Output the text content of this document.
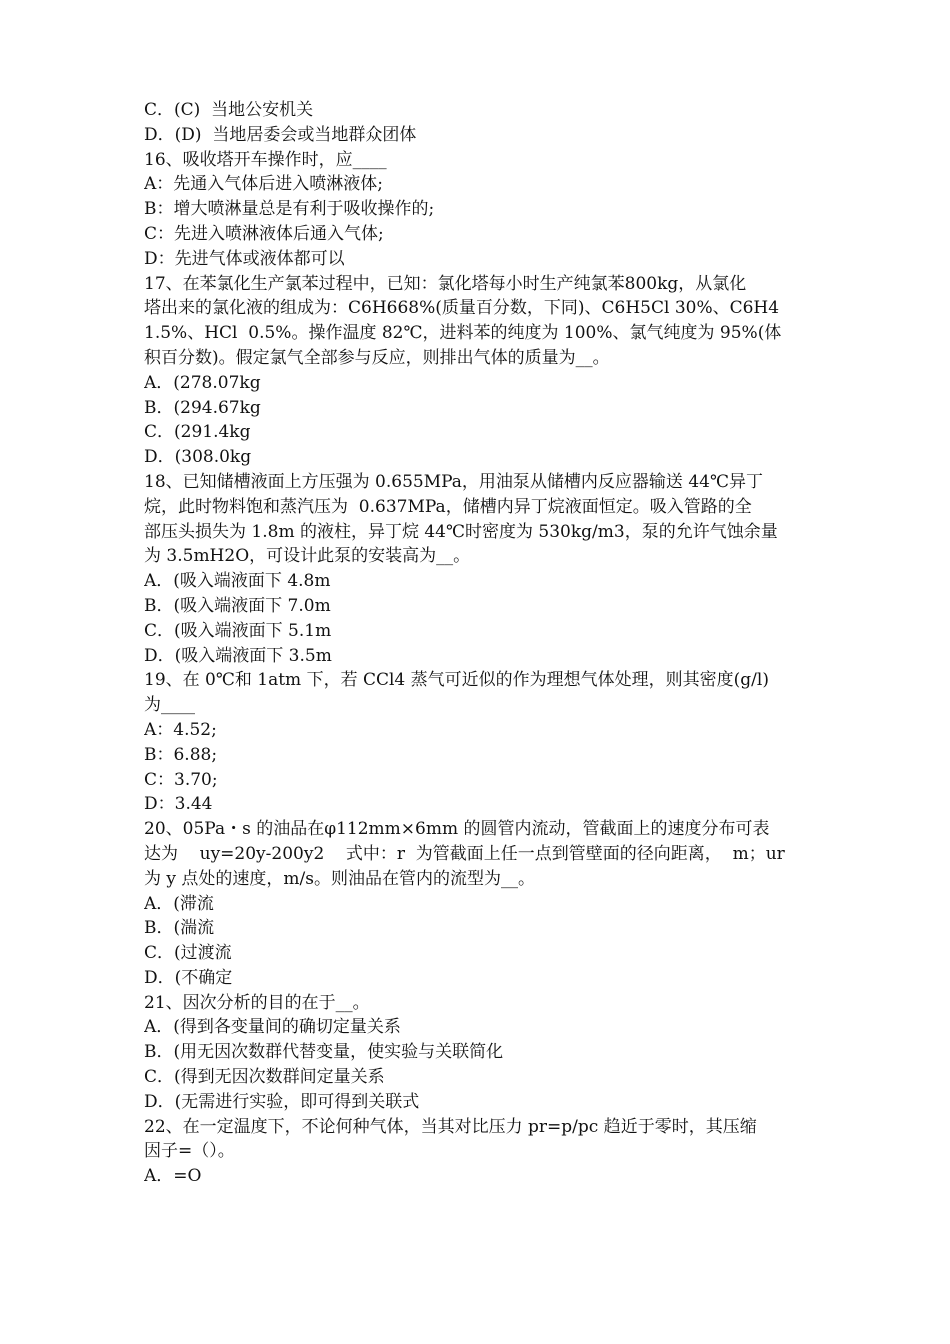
C．(C)  当地公安机关
D．(D)  当地居委会或当地群众团体
16、吸收塔开车操作时，应____
A：先通入气体后进入喷淋液体;
B：增大喷淋量总是有利于吸收操作的;
C：先进入喷淋液体后通入气体;
D：先进气体或液体都可以
17、在苯氯化生产氯苯过程中，已知：氯化塔每小时生产纯氯苯800kg，从氯化
塔出来的氯化液的组成为：C6H668%(质量百分数，下同)、C6H5Cl 30%、C6H4
1.5%、HCl  0.5%。操作温度 82℃，进料苯的纯度为 100%、氯气纯度为 95%(体
积百分数)。假定氯气全部参与反应，则排出气体的质量为__。
A．(278.07kg
B．(294.67kg
C．(291.4kg
D．(308.0kg
18、已知储槽液面上方压强为 0.655MPa，用油泵从储槽内反应器输送 44℃异丁
烷，此时物料饱和蒸汽压为  0.637MPa，储槽内异丁烷液面恒定。吸入管路的全
部压头损失为 1.8m 的液柱，异丁烷 44℃时密度为 530kg/m3，泵的允许气蚀余量
为 3.5mH2O，可设计此泵的安装高为__。
A．(吸入端液面下 4.8m
B．(吸入端液面下 7.0m
C．(吸入端液面下 5.1m
D．(吸入端液面下 3.5m
19、在 0℃和 1atm 下，若 CCl4 蒸气可近似的作为理想气体处理，则其密度(g/l)
为____
A：4.52;
B：6.88;
C：3.70;
D：3.44
20、05Pa・s 的油品在φ112mm×6mm 的圆管内流动，管截面上的速度分布可表
达为    uy=20y-200y2    式中：r  为管截面上任一点到管壁面的径向距离，  m；ur
为 y 点处的速度，m/s。则油品在管内的流型为__。
A．(滞流
B．(湍流
C．(过渡流
D．(不确定
21、因次分析的目的在于__。
A．(得到各变量间的确切定量关系
B．(用无因次数群代替变量，使实验与关联简化
C．(得到无因次数群间定量关系
D．(无需进行实验，即可得到关联式
22、在一定温度下，不论何种气体，当其对比压力 pr=p/pc 趋近于零时，其压缩
因子=（）。
A．=O
